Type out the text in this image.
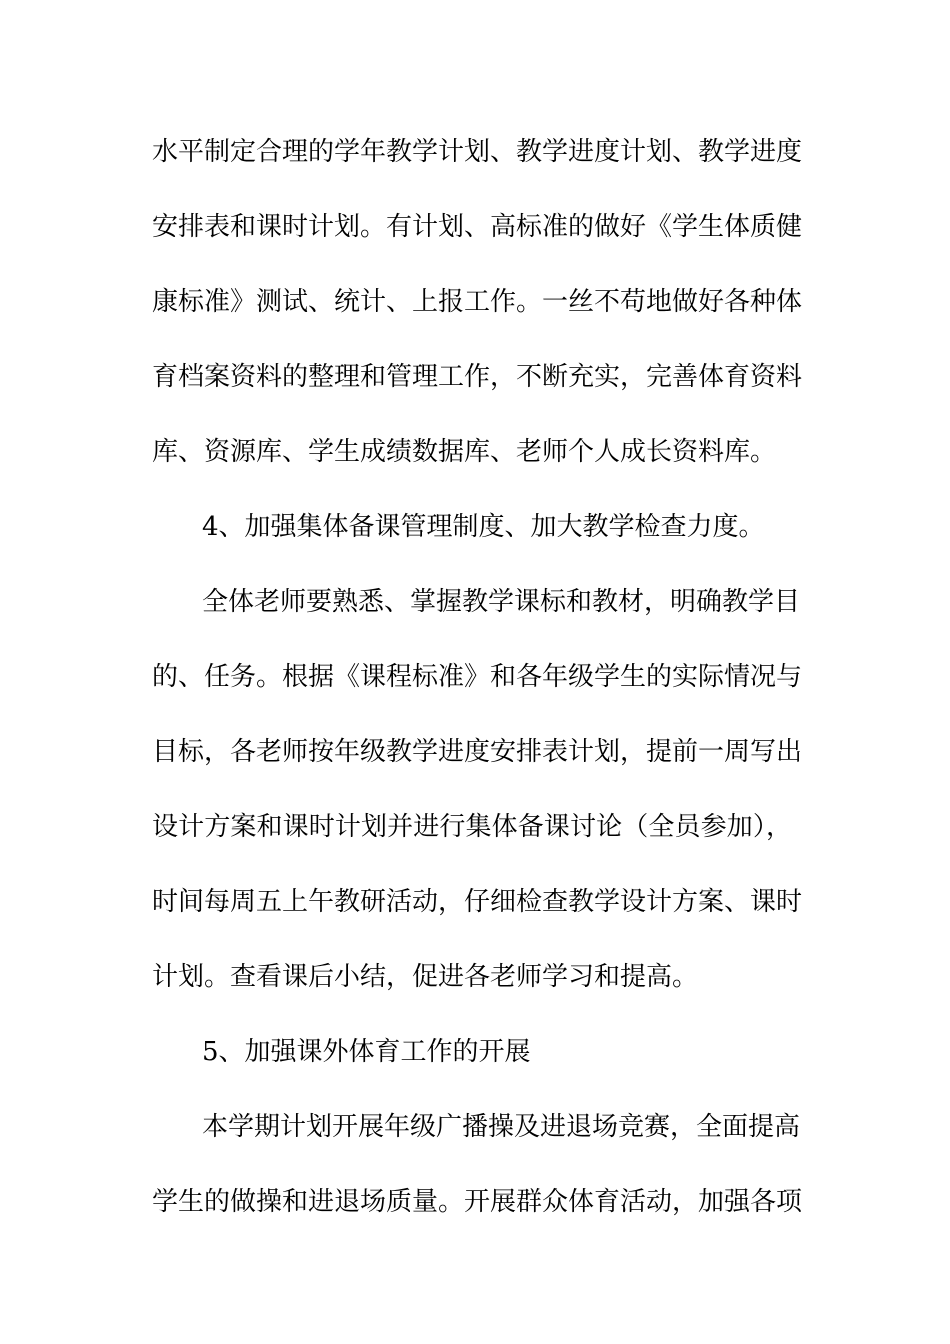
水平制定合理的学年教学计划、教学进度计划、教学进度
安排表和课时计划。有计划、高标准的做好《学生体质健
康标准》测试、统计、上报工作。一丝不苟地做好各种体
育档案资料的整理和管理工作，不断充实，完善体育资料
库、资源库、学生成绩数据库、老师个人成长资料库。
4、加强集体备课管理制度、加大教学检查力度。
全体老师要熟悉、掌握教学课标和教材，明确教学目
的、任务。根据《课程标准》和各年级学生的实际情况与
目标，各老师按年级教学进度安排表计划，提前一周写出
设计方案和课时计划并进行集体备课讨论（全员参加），
时间每周五上午教研活动，仔细检查教学设计方案、课时
计划。查看课后小结，促进各老师学习和提高。
5、加强课外体育工作的开展
本学期计划开展年级广播操及进退场竞赛，全面提高
学生的做操和进退场质量。开展群众体育活动，加强各项
